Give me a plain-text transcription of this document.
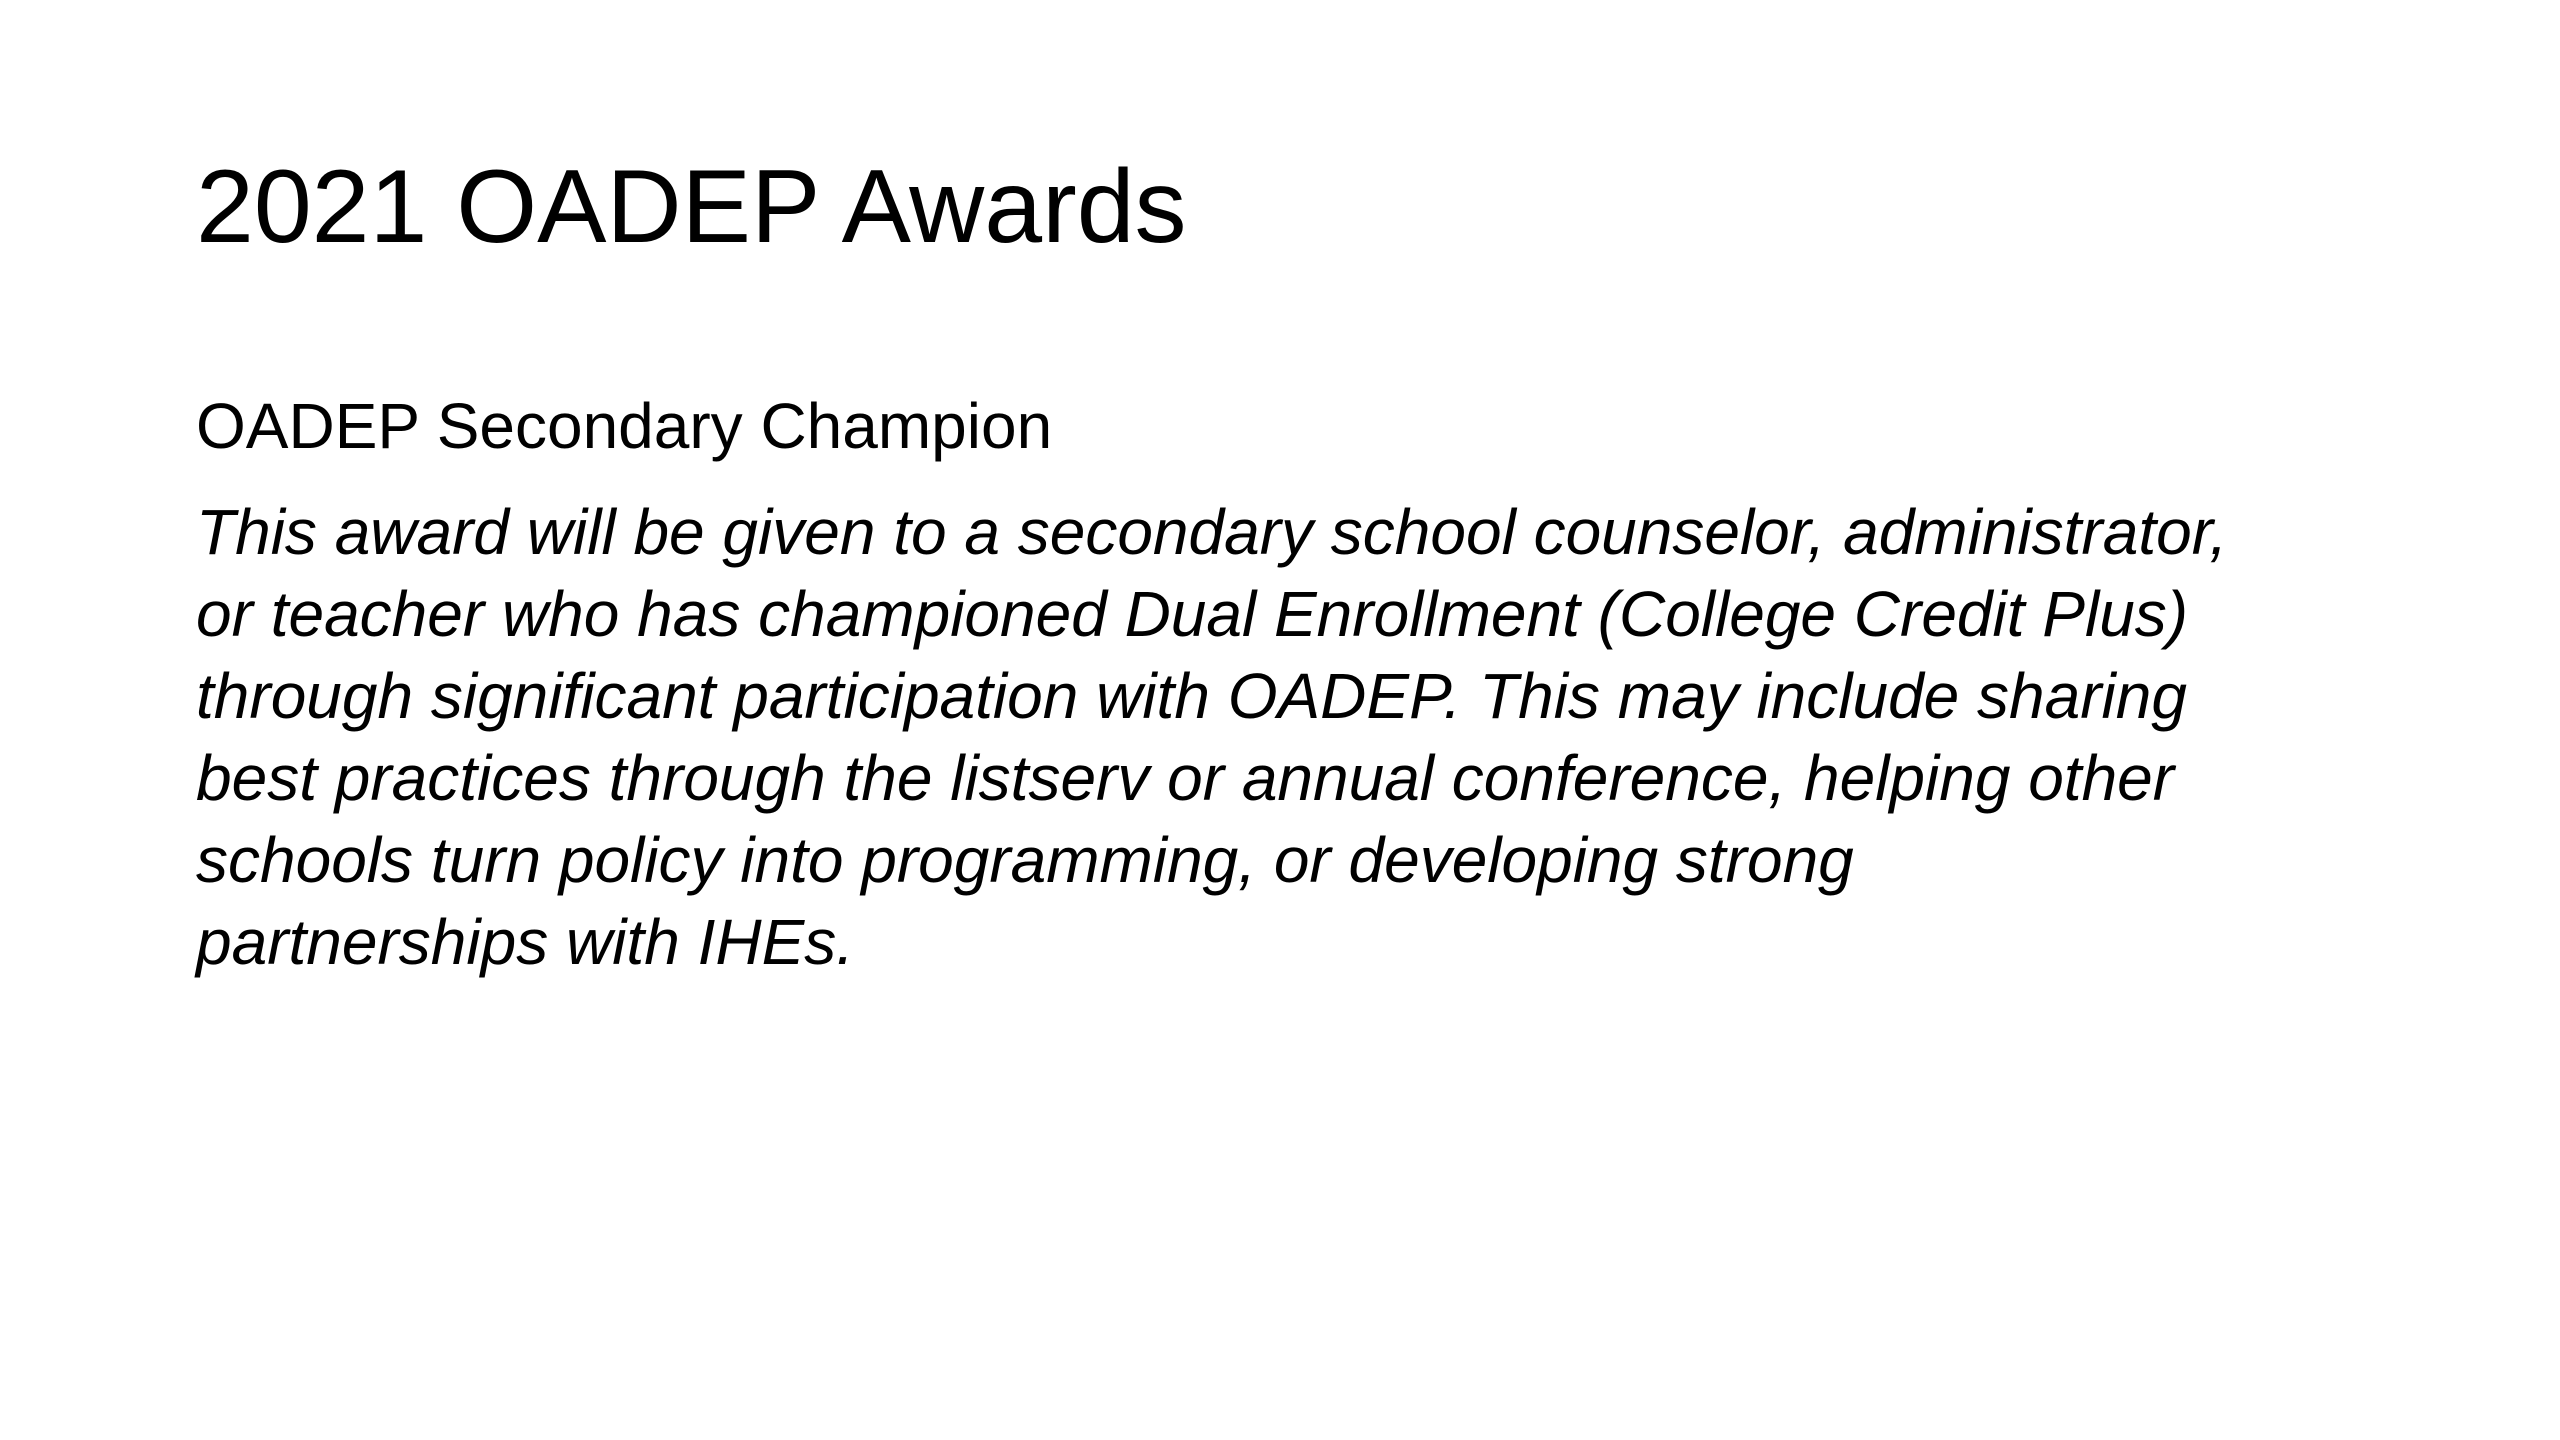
2021 OADEP Awards

OADEP Secondary Champion

This award will be given to a secondary school counselor, administrator,
or teacher who has championed Dual Enrollment (College Credit Plus)
through significant participation with OADEP. This may include sharing
best practices through the listserv or annual conference, helping other
schools turn policy into programming, or developing strong
partnerships with IHEs.
